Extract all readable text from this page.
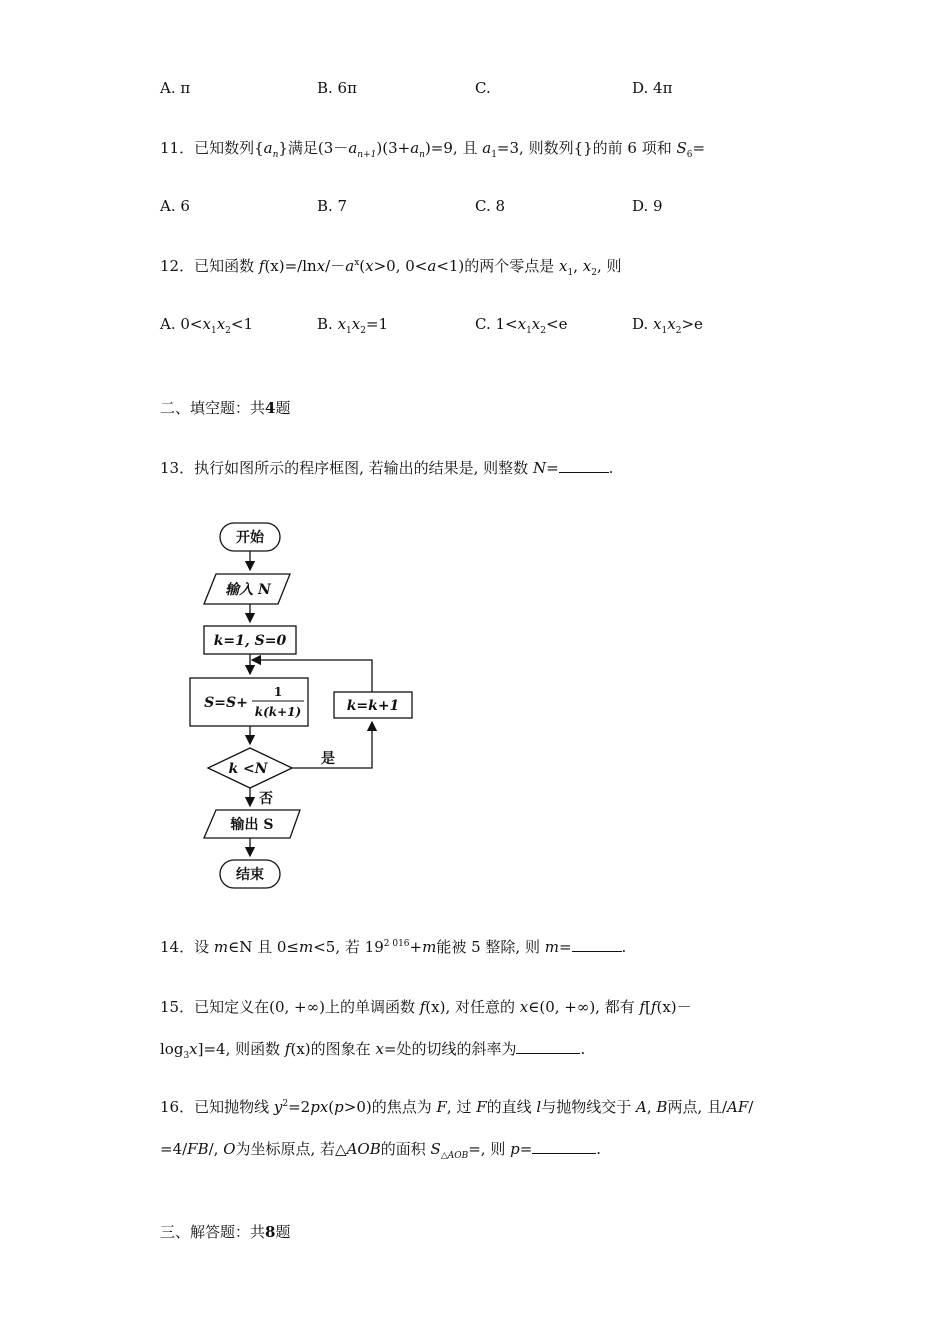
A. π	B. 6π	C.	D. 4π
11．已知数列$\{a_n\}$满足$(3-a_{n+1})(3+a_n)=9$, 且 $a_1=3$, 则数列{}的前 6 项和 $S_6=$
A. 6	B. 7	C. 8	D. 9
12．已知函数 $f(x)=/\ln x/-a^x(x>0$, 0<a<1)的两个零点是 $x_1$, $x_2$, 则
A. $0<x_1x_2<1$	B. $x_1x_2=1$	C. $1<x_1x_2<e$	D. $x_1x_2>e$
二、填空题：共4题
13．执行如图所示的程序框图, 若输出的结果是, 则整数 N=	.
开始
输入 N
k=1, S=0
S=S+
1
k(k+1)	k=k+1
k <N
是
否
输出 S
结束
14．设 m∈N 且 0≤m<5, 若 $19^{2 016}+m$能被 5 整除, 则 m=	.
15．已知定义在(0, +∞)上的单调函数 f(x), 对任意的 x∈(0, +∞), 都有 f[f(x)－
$\log_3x]=4$, 则函数 f(x)的图象在 x=处的切线的斜率为	.
16．已知抛物线 $y^2=2px(p>0)$的焦点为 F, 过 F的直线 l与抛物线交于 A, B两点, 且/AF/
=4/FB/, O为坐标原点, 若△AOB的面积 $S_{\triangle AOB}=$, 则 p=	.
三、解答题：共8题
